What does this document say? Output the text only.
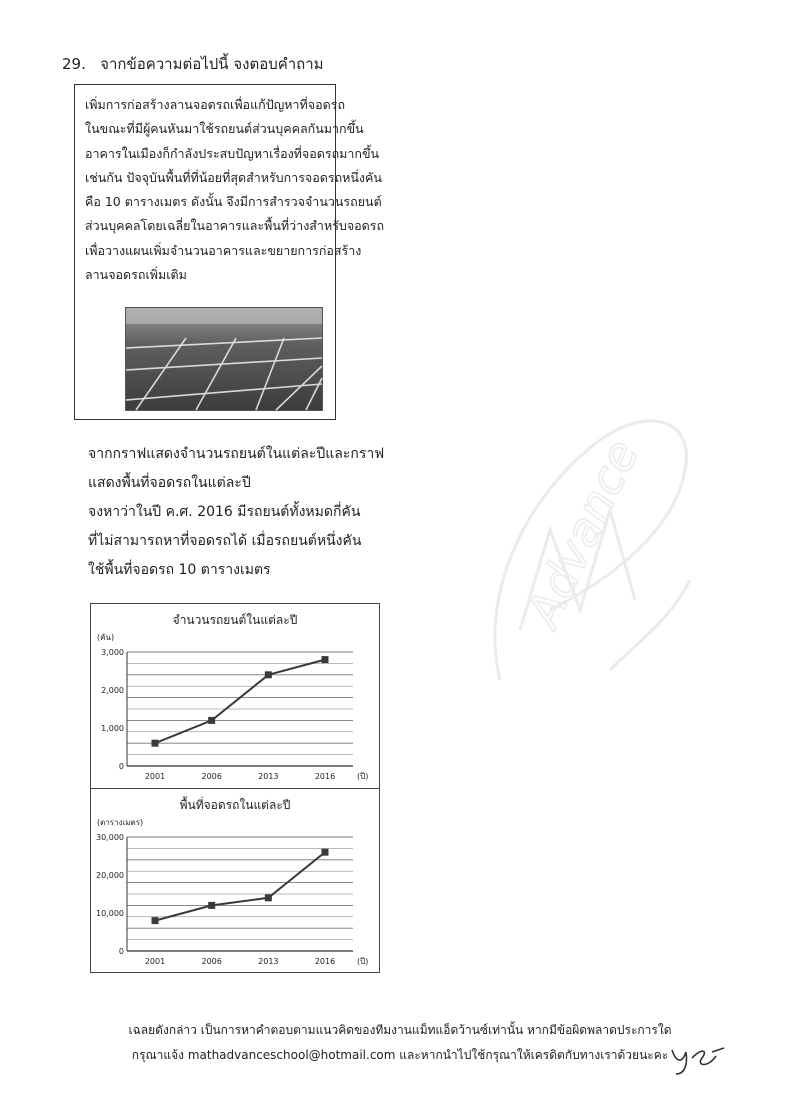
Advance
29. จากข้อความต่อไปนี้ จงตอบคำถาม
เพิ่มการก่อสร้างลานจอดรถเพื่อแก้ปัญหาที่จอดรถ
ในขณะที่มีผู้คนหันมาใช้รถยนต์ส่วนบุคคลกันมากขึ้น
อาคารในเมืองก็กำลังประสบปัญหาเรื่องที่จอดรถมากขึ้น
เช่นกัน ปัจจุบันพื้นที่ที่น้อยที่สุดสำหรับการจอดรถหนึ่งคัน
คือ 10 ตารางเมตร ดังนั้น จึงมีการสำรวจจำนวนรถยนต์
ส่วนบุคคลโดยเฉลี่ยในอาคารและพื้นที่ว่างสำหรับจอดรถ
เพื่อวางแผนเพิ่มจำนวนอาคารและขยายการก่อสร้าง
ลานจอดรถเพิ่มเติม
จากกราฟแสดงจำนวนรถยนต์ในแต่ละปีและกราฟ
แสดงพื้นที่จอดรถในแต่ละปี
จงหาว่าในปี ค.ศ. 2016 มีรถยนต์ทั้งหมดกี่คัน
ที่ไม่สามารถหาที่จอดรถได้ เมื่อรถยนต์หนึ่งคัน
ใช้พื้นที่จอดรถ 10 ตารางเมตร
จำนวนรถยนต์ในแต่ละปี
(คัน)
0
1,000
2,000
3,000
2001	2006	2013	2016	(ปี)
พื้นที่จอดรถในแต่ละปี
(ตารางเมตร)
0
10,000
20,000
30,000
2001	2006	2013	2016	(ปี)
เฉลยดังกล่าว เป็นการหาคำตอบตามแนวคิดของทีมงานแม็ทแอ็ดว้านซ์เท่านั้น หากมีข้อผิดพลาดประการใด
กรุณาแจ้ง mathadvanceschool@hotmail.com และหากนำไปใช้กรุณาให้เครดิตกับทางเราด้วยนะคะ
